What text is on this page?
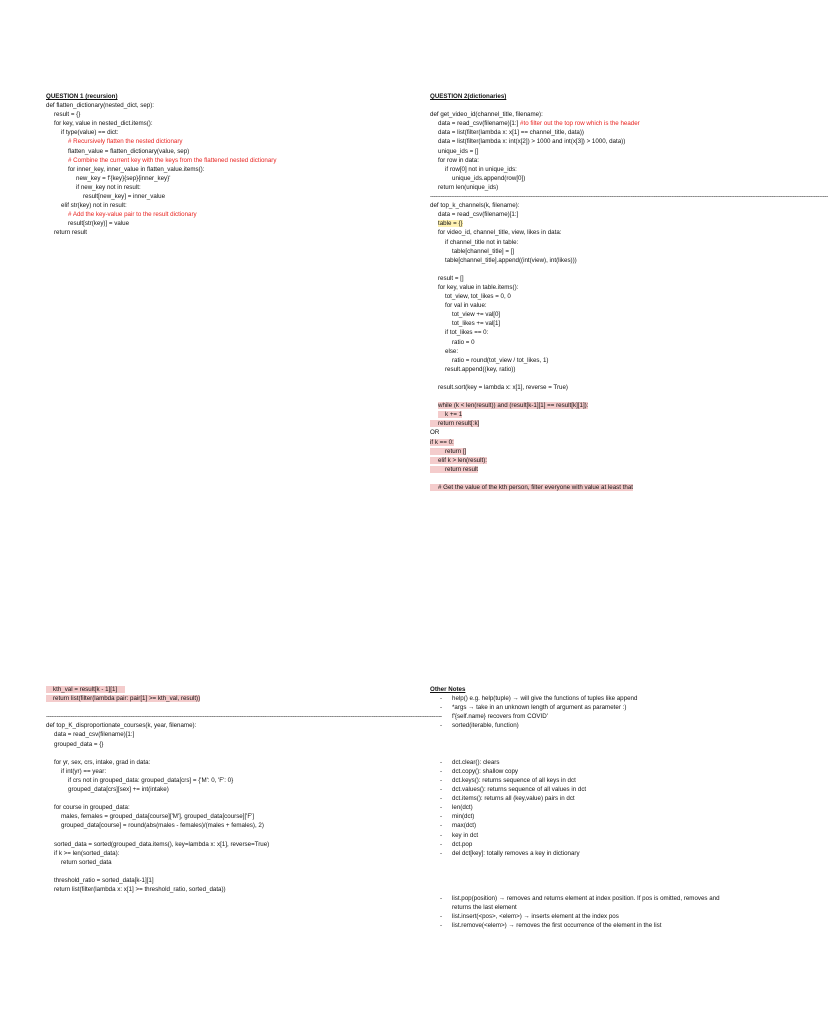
QUESTION 1 (recursion)
def flatten_dictionary(nested_dict, sep):
result = {}
for key, value in nested_dict.items():
if type(value) == dict:
# Recursively flatten the nested dictionary
flatten_value = flatten_dictionary(value, sep)
# Combine the current key with the keys from the flattened nested dictionary
for inner_key, inner_value in flatten_value.items():
new_key = f'{key}{sep}{inner_key}'
if new_key not in result:
result[new_key] = inner_value
elif str(key) not in result:
# Add the key-value pair to the result dictionary
result[str(key)] = value
return result
QUESTION 2(dictionaries)
def get_video_id(channel_title, filename):
data = read_csv(filename)[1:] #to filter out the top row which is the header
data = list(filter(lambda x: x[1] == channel_title, data))
data = list(filter(lambda x: int(x[2]) > 1000 and int(x[3]) > 1000, data))
unique_ids = []
for row in data:
if row[0] not in unique_ids:
unique_ids.append(row[0])
return len(unique_ids)
----------------------------------------------------------------------------------------------------------------------------------------------------------------------------------------------------------------------------------
def top_k_channels(k, filename):
data = read_csv(filename)[1:]
table = {}
for video_id, channel_title, view, likes in data:
if channel_title not in table:
table[channel_title] = []
table[channel_title].append((int(view), int(likes)))
result = []
for key, value in table.items():
tot_view, tot_likes = 0, 0
for val in value:
tot_view += val[0]
tot_likes += val[1]
if tot_likes == 0:
ratio = 0
else:
ratio = round(tot_view / tot_likes, 1)
result.append((key, ratio))
result.sort(key = lambda x: x[1], reverse = True)
while (k < len(result)) and (result[k-1][1] == result[k][1]):
k += 1
return result[:k]
OR
if k == 0:
return []
elif k > len(result):
return result
# Get the value of the kth person, filter everyone with value at least that
kth_val = result[k - 1][1]
return list(filter(lambda pair: pair[1] >= kth_val, result))
--------------------------------------------------------------------------------------------------------------------------------------------------------------------------------------------------------------------------------
def top_K_disproportionate_courses(k, year, filename):
data = read_csv(filename)[1:]
grouped_data = {}
for yr, sex, crs, intake, grad in data:
if int(yr) == year:
if crs not in grouped_data: grouped_data[crs] = {'M': 0, 'F': 0}
grouped_data[crs][sex] += int(intake)
for course in grouped_data:
males, females = grouped_data[course]['M'], grouped_data[course]['F']
grouped_data[course] = round(abs(males - females)/(males + females), 2)
sorted_data = sorted(grouped_data.items(), key=lambda x: x[1], reverse=True)
if k >= len(sorted_data):
return sorted_data
threshold_ratio = sorted_data[k-1][1]
return list(filter(lambda x: x[1] >= threshold_ratio, sorted_data))
Other Notes
- help() e.g. help(tuple) → will give the functions of tuples like append
- *args → take in an unknown length of argument as parameter :)
- f'{self.name} recovers from COVID'
- sorted(iterable, function)
- dct.clear(): clears
- dct.copy(): shallow copy
- dct.keys(): returns sequence of all keys in dct
- dct.values(): returns sequence of all values in dct
- dct.items(): returns all (key,value) pairs in dct
- len(dct)
- min(dct)
- max(dct)
- key in dct
- dct.pop
- del dct[key]: totally removes a key in dictionary
- list.pop(position) → removes and returns element at index position. If pos is omitted, removes and returns the last element
- list.insert(<pos>, <elem>) → inserts element at the index pos
- list.remove(<elem>) → removes the first occurrence of the element in the list
